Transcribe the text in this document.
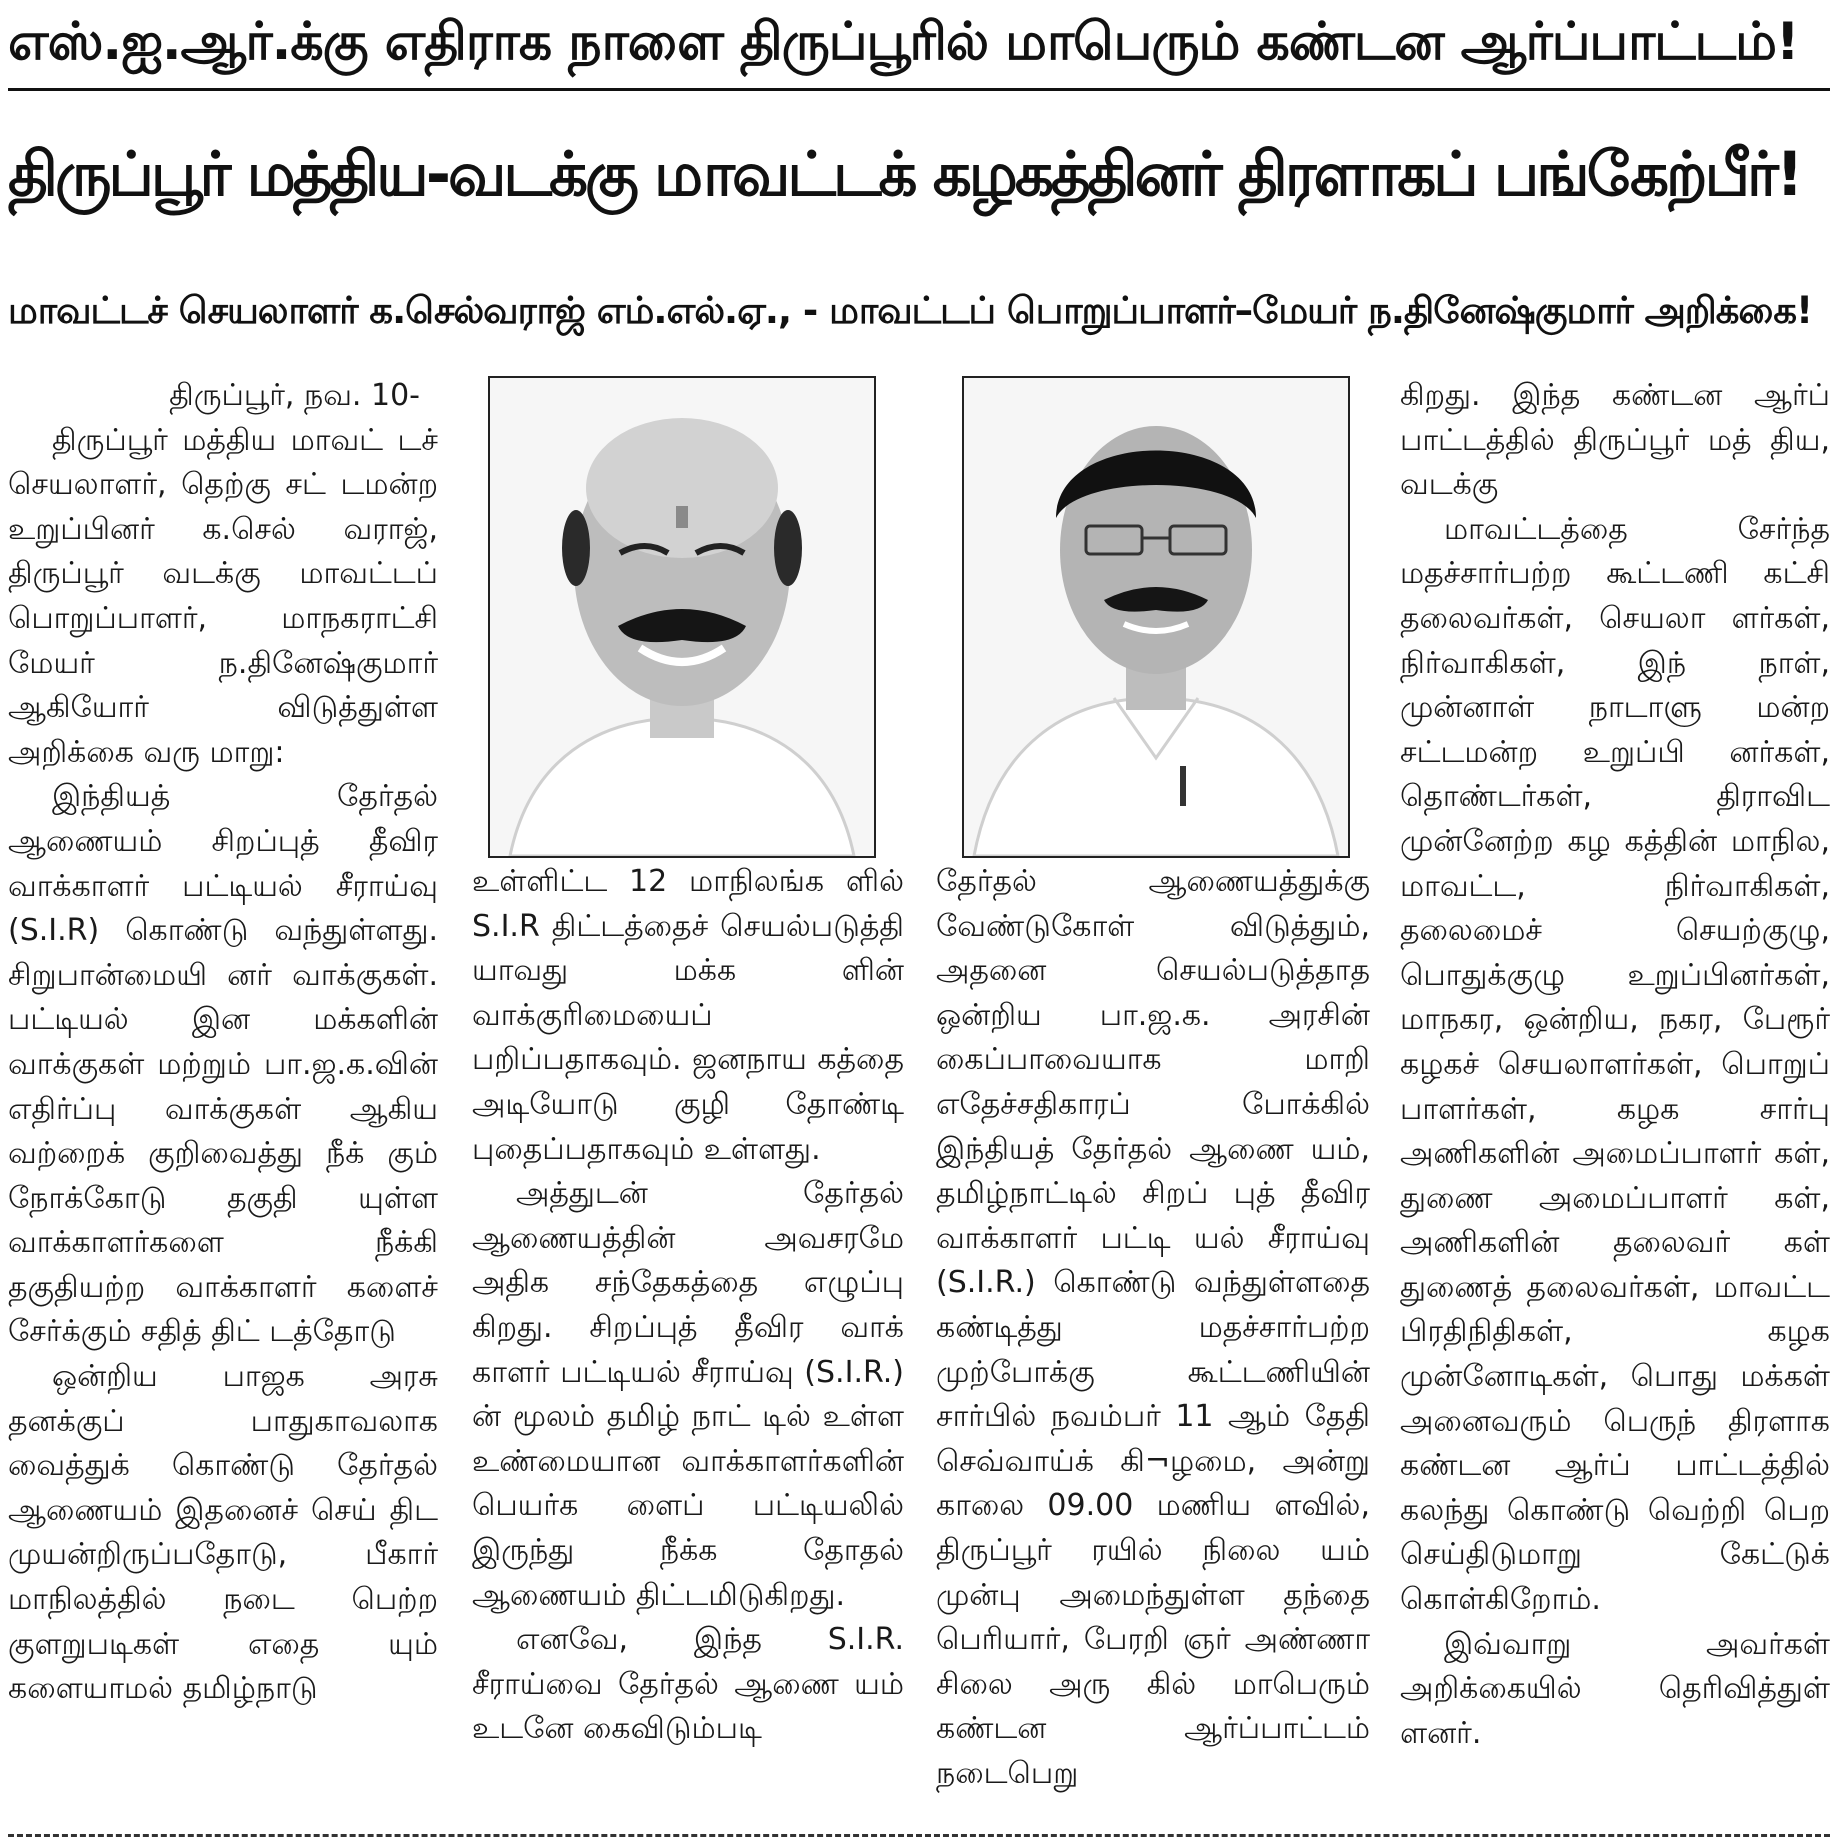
எஸ்.ஐ.ஆர்.க்கு எதிராக நாளை திருப்பூரில் மாபெரும் கண்டன ஆர்ப்பாட்டம்!
திருப்பூர் மத்திய-வடக்கு மாவட்டக் கழகத்தினர் திரளாகப் பங்கேற்பீர்!
மாவட்டச் செயலாளர் க.செல்வராஜ் எம்.எல்.ஏ., - மாவட்டப் பொறுப்பாளர்–மேயர் ந.தினேஷ்குமார் அறிக்கை!

திருப்பூர், நவ. 10-

திருப்பூர் மத்திய மாவட் டச் செயலாளர், தெற்கு சட் டமன்ற உறுப்பினர் க.செல் வராஜ், திருப்பூர் வடக்கு மாவட்டப் பொறுப்பாளர், மாநகராட்சி மேயர் ந.தினேஷ்குமார் ஆகியோர் விடுத்துள்ள அறிக்கை வரு மாறு:

இந்தியத் தேர்தல் ஆணையம் சிறப்புத் தீவிர வாக்காளர் பட்டியல் சீராய்வு (S.I.R) கொண்டு வந்துள்ளது. சிறுபான்மையி னர் வாக்குகள். பட்டியல் இன மக்களின் வாக்குகள் மற்றும் பா.ஜ.க.வின் எதிர்ப்பு வாக்குகள் ஆகிய வற்றைக் குறிவைத்து நீக் கும் நோக்கோடு தகுதி யுள்ள வாக்காளர்களை நீக்கி தகுதியற்ற வாக்காளர் களைச் சேர்க்கும் சதித் திட் டத்தோடு

ஒன்றிய பாஜக அரசு தனக்குப் பாதுகாவலாக வைத்துக் கொண்டு தேர்தல் ஆணையம் இதனைச் செய் திட முயன்றிருப்பதோடு, பீகார் மாநிலத்தில் நடை பெற்ற குளறுபடிகள் எதை யும் களையாமல் தமிழ்நாடு

உள்ளிட்ட 12 மாநிலங்க ளில் S.I.R திட்டத்தைச் செயல்படுத்தி யாவது மக்க ளின் வாக்குரிமையைப் பறிப்பதாகவும். ஜனநாய கத்தை அடியோடு குழி தோண்டி புதைப்பதாகவும் உள்ளது.

அத்துடன் தேர்தல் ஆணையத்தின் அவசரமே அதிக சந்தேகத்தை எழுப்பு கிறது. சிறப்புத் தீவிர வாக் காளர் பட்டியல் சீராய்வு (S.I.R.) ன் மூலம் தமிழ் நாட் டில் உள்ள உண்மையான வாக்காளர்களின் பெயர்க ளைப் பட்டியலில் இருந்து நீக்க தோதல் ஆணையம் திட்டமிடுகிறது.

எனவே, இந்த S.I.R. சீராய்வை தேர்தல் ஆணை யம் உடனே கைவிடும்படி

தேர்தல் ஆணையத்துக்கு வேண்டுகோள் விடுத்தும், அதனை செயல்படுத்தாத ஒன்றிய பா.ஜ.க. அரசின் கைப்பாவையாக மாறி எதேச்சதிகாரப் போக்கில் இந்தியத் தேர்தல் ஆணை யம், தமிழ்நாட்டில் சிறப் புத் தீவிர வாக்காளர் பட்டி யல் சீராய்வு (S.I.R.) கொண்டு வந்துள்ளதை கண்டித்து மதச்சார்பற்ற முற்போக்கு கூட்டணியின் சார்பில் நவம்பர் 11 ஆம் தேதி செவ்வாய்க் கி¬ழமை, அன்று காலை 09.00 மணிய ளவில், திருப்பூர் ரயில் நிலை யம் முன்பு அமைந்துள்ள தந்தை பெரியார், பேரறி ஞர் அண்ணா சிலை அரு கில் மாபெரும் கண்டன ஆர்ப்பாட்டம் நடைபெறு

கிறது. இந்த கண்டன ஆர்ப் பாட்டத்தில் திருப்பூர் மத் திய, வடக்கு

மாவட்டத்தை சேர்ந்த மதச்சார்பற்ற கூட்டணி கட்சி தலைவர்கள், செயலா ளர்கள், நிர்வாகிகள், இந் நாள், முன்னாள் நாடாளு மன்ற சட்டமன்ற உறுப்பி னர்கள், தொண்டர்கள், திராவிட முன்னேற்ற கழ கத்தின் மாநில, மாவட்ட, நிர்வாகிகள், தலைமைச் செயற்குழு, பொதுக்குழு உறுப்பினர்கள், மாநகர, ஒன்றிய, நகர, பேரூர் கழகச் செயலாளர்கள், பொறுப் பாளர்கள், கழக சார்பு அணிகளின் அமைப்பாளர் கள், துணை அமைப்பாளர் கள், அணிகளின் தலைவர் கள் துணைத் தலைவர்கள், மாவட்ட பிரதிநிதிகள், கழக முன்னோடிகள், பொது மக்கள் அனைவரும் பெருந் திரளாக கண்டன ஆர்ப் பாட்டத்தில் கலந்து கொண்டு வெற்றி பெற செய்திடுமாறு கேட்டுக் கொள்கிறோம்.

இவ்வாறு அவர்கள் அறிக்கையில் தெரிவித்துள் ளனர்.
